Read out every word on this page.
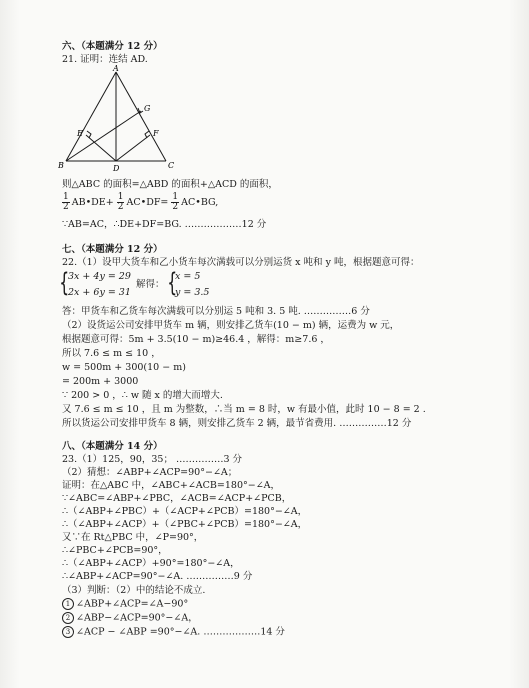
六、（本题满分 12 分）
21. 证明：连结 AD.
A
B	C
D
E	F
G
则△ABC 的面积=△ABD 的面积+△ACD 的面积，
$\frac{1}{2}$ AB•DE+ $\frac{1}{2}$ AC•DF= $\frac{1}{2}$ AC•BG,
∵AB=AC，∴DE+DF=BG. ………………12 分
七、（本题满分 12 分）
22.（1）设甲大货车和乙小货车每次满载可以分别运货 x 吨和 y 吨，根据题意可得：
{
3x + 4y = 29
2x + 6y = 31
解得： {
x = 5
y = 3.5
答：甲货车和乙货车每次满载可以分别运 5 吨和 3. 5 吨. ……………6 分
（2）设货运公司安排甲货车 m 辆，则安排乙货车(10 − m) 辆，运费为 w 元，
根据题意可得：5m + 3.5(10 − m)≥46.4 ，解得：m≥7.6 ，
所以 7.6 ≤ m ≤ 10 ，
w = 500m + 300(10 − m)
= 200m + 3000
∵ 200 > 0 ，∴ w 随 x 的增大而增大.
又 7.6 ≤ m ≤ 10 ，且 m 为整数，∴当 m = 8 时，w 有最小值，此时 10 − 8 = 2 .
所以货运公司安排甲货车 8 辆，则安排乙货车 2 辆，最节省费用. ……………12 分
八、（本题满分 14 分）
23.（1）125，90，35； ……………3 分
（2）猜想：∠ABP+∠ACP=90°−∠A；
证明：在△ABC 中，∠ABC+∠ACB=180°−∠A，
∵∠ABC=∠ABP+∠PBC，∠ACB=∠ACP+∠PCB，
∴（∠ABP+∠PBC）+（∠ACP+∠PCB）=180°−∠A，
∴（∠ABP+∠ACP）+（∠PBC+∠PCB）=180°−∠A，
又∵在 Rt△PBC 中，∠P=90°，
∴∠PBC+∠PCB=90°，
∴（∠ABP+∠ACP）+90°=180°−∠A，
∴∠ABP+∠ACP=90°−∠A. ……………9 分
（3）判断：（2）中的结论不成立.
1 ∠ABP+∠ACP=∠A−90°
2 ∠ABP−∠ACP=90°−∠A，
3 ∠ACP − ∠ABP =90°−∠A. ………………14 分
